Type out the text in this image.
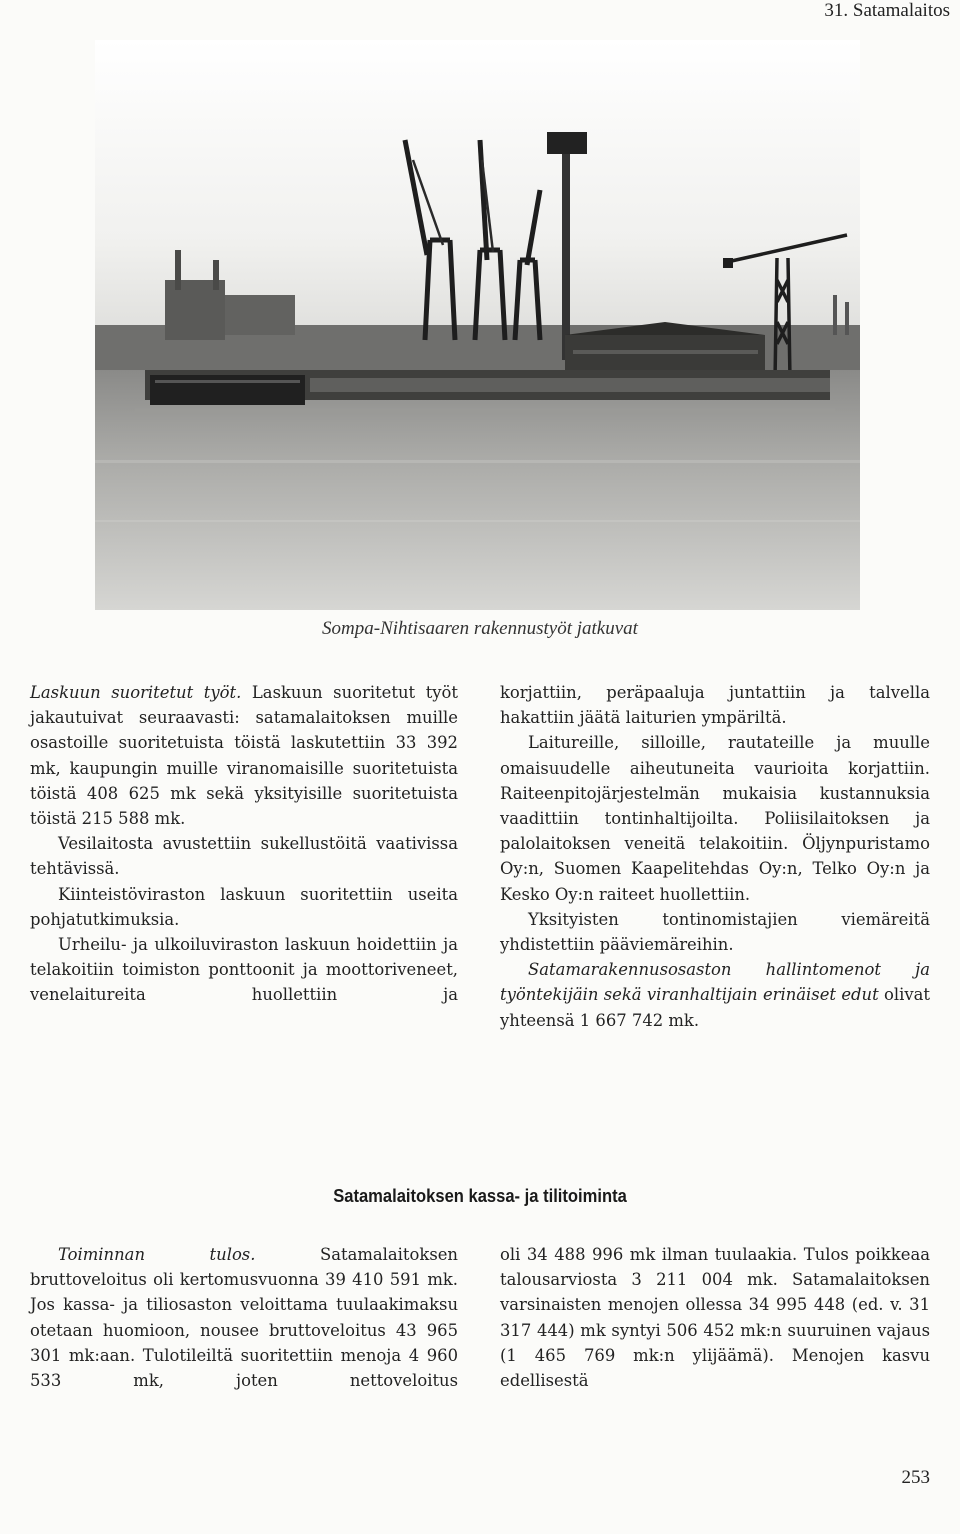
31. Satamalaitos
Sompa-Nihtisaaren rakennustyöt jatkuvat

Laskuun suoritetut työt. Laskuun suoritetut työt jakautuivat seuraavasti: satamalaitoksen muille osastoille suoritetuista töistä laskutettiin 33 392 mk, kaupungin muille viranomaisille suoritetuista töistä 408 625 mk sekä yksityisille suoritetuista töistä 215 588 mk.

Vesilaitosta avustettiin sukellustöitä vaativissa tehtävissä.

Kiinteistöviraston laskuun suoritettiin useita pohjatutkimuksia.

Urheilu- ja ulkoiluviraston laskuun hoidettiin ja telakoitiin toimiston ponttoonit ja moottoriveneet, venelaitureita huollettiin ja

korjattiin, peräpaaluja juntattiin ja talvella hakattiin jäätä laiturien ympäriltä.

Laitureille, silloille, rautateille ja muulle omaisuudelle aiheutuneita vaurioita korjattiin. Raiteenpitojärjestelmän mukaisia kustannuksia vaadittiin tontinhaltijoilta. Poliisilaitoksen ja palolaitoksen veneitä telakoitiin. Öljynpuristamo Oy:n, Suomen Kaapelitehdas Oy:n, Telko Oy:n ja Kesko Oy:n raiteet huollettiin.

Yksityisten tontinomistajien viemäreitä yhdistettiin pääviemäreihin.

Satamarakennusosaston hallintomenot ja työntekijäin sekä viranhaltijain erinäiset edut olivat yhteensä 1 667 742 mk.

Satamalaitoksen kassa- ja tilitoiminta

Toiminnan tulos. Satamalaitoksen bruttoveloitus oli kertomusvuonna 39 410 591 mk. Jos kassa- ja tiliosaston veloittama tuulaakimaksu otetaan huomioon, nousee bruttoveloitus 43 965 301 mk:aan. Tulotileiltä suoritettiin menoja 4 960 533 mk, joten nettoveloitus

oli 34 488 996 mk ilman tuulaakia. Tulos poikkeaa talousarviosta 3 211 004 mk. Satamalaitoksen varsinaisten menojen ollessa 34 995 448 (ed. v. 31 317 444) mk syntyi 506 452 mk:n suuruinen vajaus (1 465 769 mk:n ylijäämä). Menojen kasvu edellisestä

253
